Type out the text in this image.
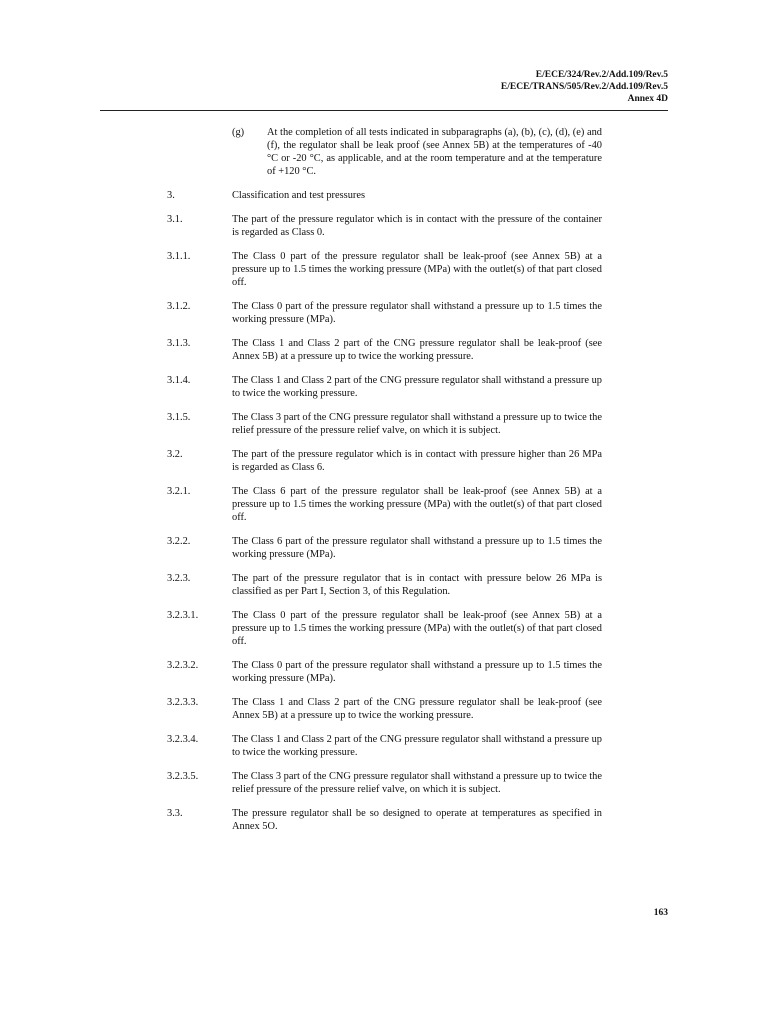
E/ECE/324/Rev.2/Add.109/Rev.5
E/ECE/TRANS/505/Rev.2/Add.109/Rev.5
Annex 4D
(g) At the completion of all tests indicated in subparagraphs (a), (b), (c), (d), (e) and (f), the regulator shall be leak proof (see Annex 5B) at the temperatures of -40 °C or -20 °C, as applicable, and at the room temperature and at the temperature of +120 °C.
3.	Classification and test pressures
3.1.	The part of the pressure regulator which is in contact with the pressure of the container is regarded as Class 0.
3.1.1.	The Class 0 part of the pressure regulator shall be leak-proof (see Annex 5B) at a pressure up to 1.5 times the working pressure (MPa) with the outlet(s) of that part closed off.
3.1.2.	The Class 0 part of the pressure regulator shall withstand a pressure up to 1.5 times the working pressure (MPa).
3.1.3.	The Class 1 and Class 2 part of the CNG pressure regulator shall be leak-proof (see Annex 5B) at a pressure up to twice the working pressure.
3.1.4.	The Class 1 and Class 2 part of the CNG pressure regulator shall withstand a pressure up to twice the working pressure.
3.1.5.	The Class 3 part of the CNG pressure regulator shall withstand a pressure up to twice the relief pressure of the pressure relief valve, on which it is subject.
3.2.	The part of the pressure regulator which is in contact with pressure higher than 26 MPa is regarded as Class 6.
3.2.1.	The Class 6 part of the pressure regulator shall be leak-proof (see Annex 5B) at a pressure up to 1.5 times the working pressure (MPa) with the outlet(s) of that part closed off.
3.2.2.	The Class 6 part of the pressure regulator shall withstand a pressure up to 1.5 times the working pressure (MPa).
3.2.3.	The part of the pressure regulator that is in contact with pressure below 26 MPa is classified as per Part I, Section 3, of this Regulation.
3.2.3.1.	The Class 0 part of the pressure regulator shall be leak-proof (see Annex 5B) at a pressure up to 1.5 times the working pressure (MPa) with the outlet(s) of that part closed off.
3.2.3.2.	The Class 0 part of the pressure regulator shall withstand a pressure up to 1.5 times the working pressure (MPa).
3.2.3.3.	The Class 1 and Class 2 part of the CNG pressure regulator shall be leak-proof (see Annex 5B) at a pressure up to twice the working pressure.
3.2.3.4.	The Class 1 and Class 2 part of the CNG pressure regulator shall withstand a pressure up to twice the working pressure.
3.2.3.5.	The Class 3 part of the CNG pressure regulator shall withstand a pressure up to twice the relief pressure of the pressure relief valve, on which it is subject.
3.3.	The pressure regulator shall be so designed to operate at temperatures as specified in Annex 5O.
163
